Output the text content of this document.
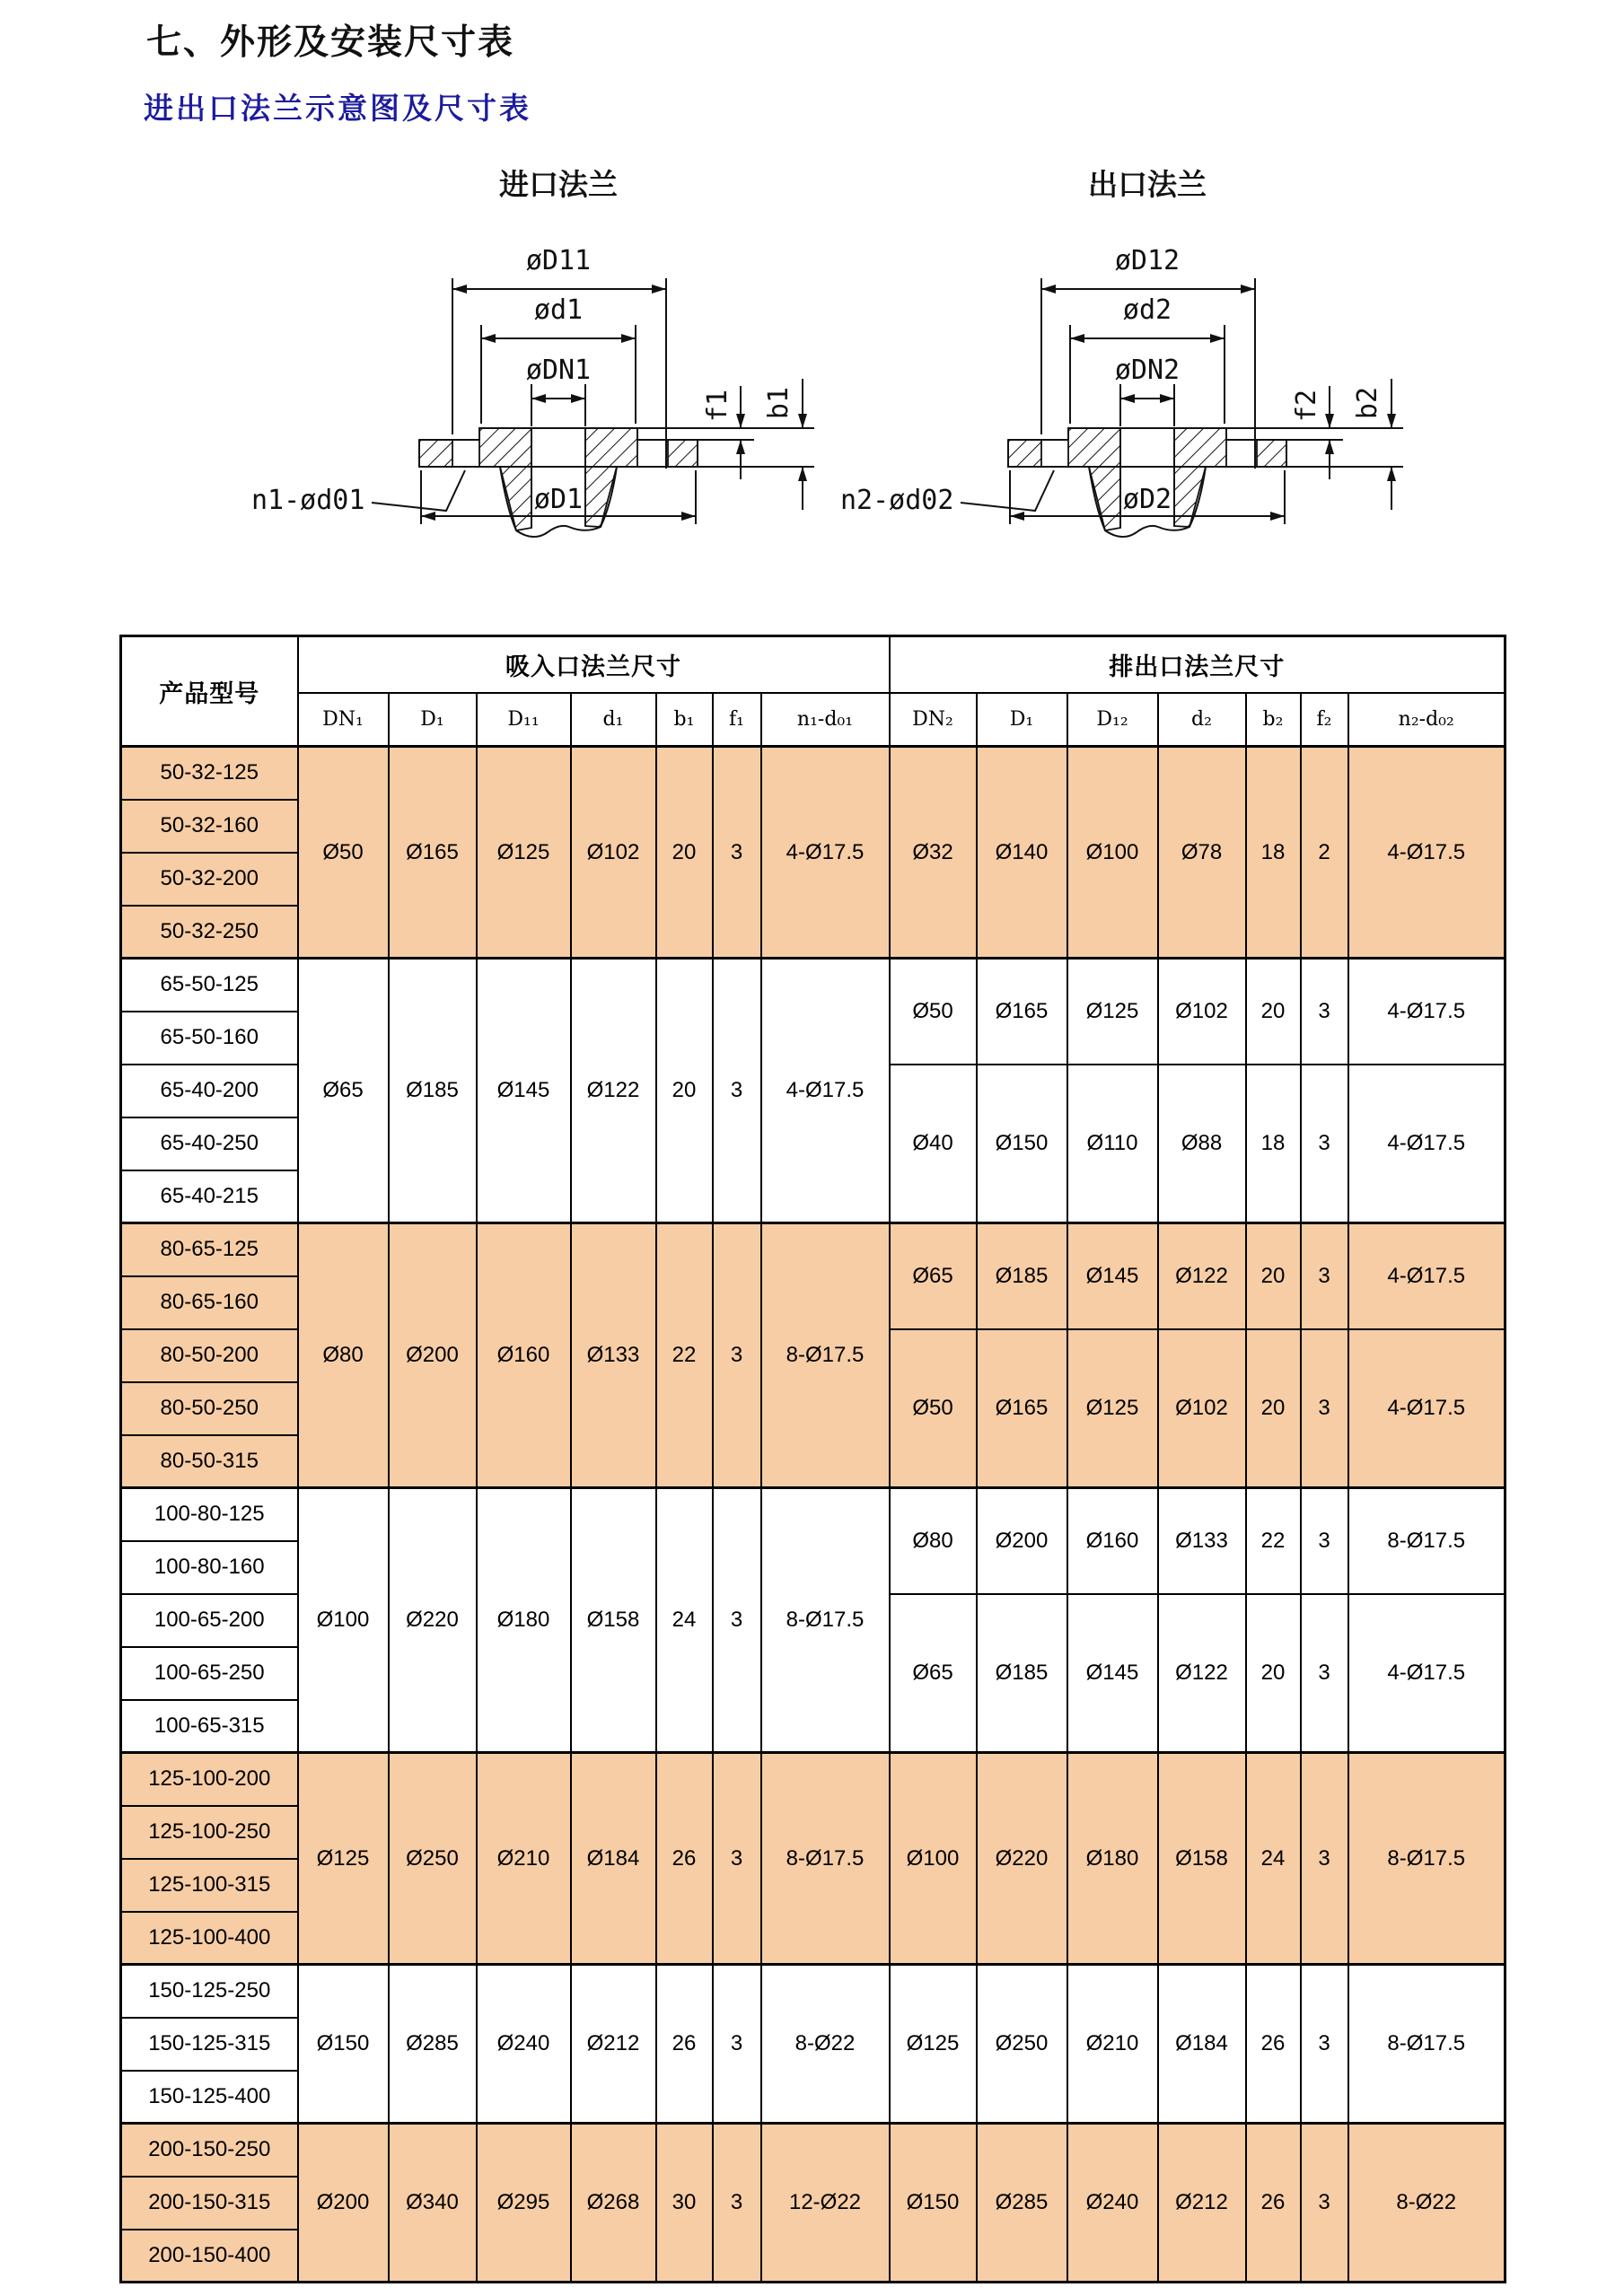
七、外形及安装尺寸表
进出口法兰示意图及尺寸表
进口法兰
øD11
ød1
øDN1
f1 b1
n1-ød01	øD1
出口法兰
øD12
ød2
øDN2
f2 b2
n2-ød02	øD2
产品型号	吸入口法兰尺寸							排出口法兰尺寸						
	DN₁	D₁	D₁₁	d₁	b₁	f₁	n₁-d₀₁	DN₂	D₁	D₁₂	d₂	b₂	f₂	n₂-d₀₂
50-32-125	Ø50	Ø165	Ø125	Ø102	20	3	4-Ø17.5	Ø32	Ø140	Ø100	Ø78	18	2	4-Ø17.5
50-32-160														
50-32-200														
50-32-250														
65-50-125	Ø65	Ø185	Ø145	Ø122	20	3	4-Ø17.5	Ø50	Ø165	Ø125	Ø102	20	3	4-Ø17.5
65-50-160														
65-40-200								Ø40	Ø150	Ø110	Ø88	18	3	4-Ø17.5
65-40-250														
65-40-215														
80-65-125	Ø80	Ø200	Ø160	Ø133	22	3	8-Ø17.5	Ø65	Ø185	Ø145	Ø122	20	3	4-Ø17.5
80-65-160														
80-50-200								Ø50	Ø165	Ø125	Ø102	20	3	4-Ø17.5
80-50-250														
80-50-315														
100-80-125	Ø100	Ø220	Ø180	Ø158	24	3	8-Ø17.5	Ø80	Ø200	Ø160	Ø133	22	3	8-Ø17.5
100-80-160														
100-65-200								Ø65	Ø185	Ø145	Ø122	20	3	4-Ø17.5
100-65-250														
100-65-315														
125-100-200	Ø125	Ø250	Ø210	Ø184	26	3	8-Ø17.5	Ø100	Ø220	Ø180	Ø158	24	3	8-Ø17.5
125-100-250														
125-100-315														
125-100-400														
150-125-250	Ø150	Ø285	Ø240	Ø212	26	3	8-Ø22	Ø125	Ø250	Ø210	Ø184	26	3	8-Ø17.5
150-125-315														
150-125-400														
200-150-250	Ø200	Ø340	Ø295	Ø268	30	3	12-Ø22	Ø150	Ø285	Ø240	Ø212	26	3	8-Ø22
200-150-315														
200-150-400														
